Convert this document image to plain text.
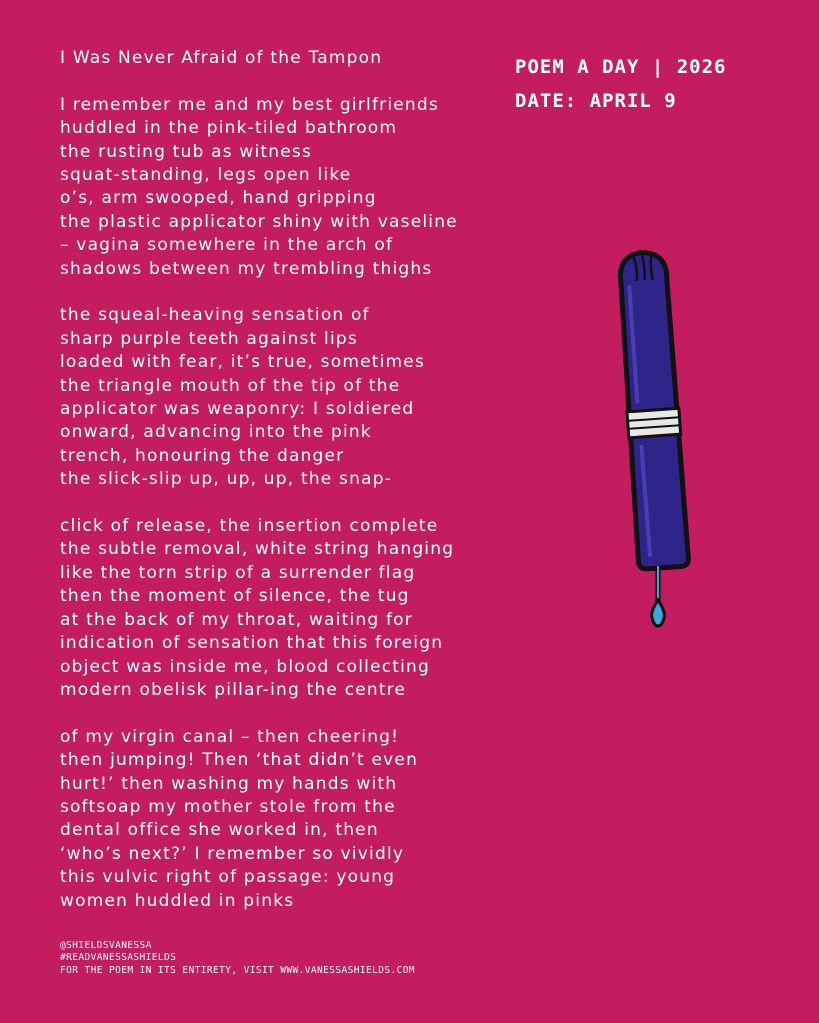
I Was Never Afraid of the Tampon
I remember me and my best girlfriends
huddled in the pink-tiled bathroom
the rusting tub as witness
squat-standing, legs open like
o’s, arm swooped, hand gripping
the plastic applicator shiny with vaseline
– vagina somewhere in the arch of
shadows between my trembling thighs
the squeal-heaving sensation of
sharp purple teeth against lips
loaded with fear, it’s true, sometimes
the triangle mouth of the tip of the
applicator was weaponry: I soldiered
onward, advancing into the pink
trench, honouring the danger
the slick-slip up, up, up, the snap-
click of release, the insertion complete
the subtle removal, white string hanging
like the torn strip of a surrender flag
then the moment of silence, the tug
at the back of my throat, waiting for
indication of sensation that this foreign
object was inside me, blood collecting
modern obelisk pillar-ing the centre
of my virgin canal – then cheering!
then jumping! Then ‘that didn’t even
hurt!’ then washing my hands with
softsoap my mother stole from the
dental office she worked in, then
‘who’s next?’ I remember so vividly
this vulvic right of passage: young
women huddled in pinks
POEM A DAY | 2026
DATE: APRIL 9
@SHIELDSVANESSA
#READVANESSASHIELDS
FOR THE POEM IN ITS ENTIRETY, VISIT WWW.VANESSASHIELDS.COM
